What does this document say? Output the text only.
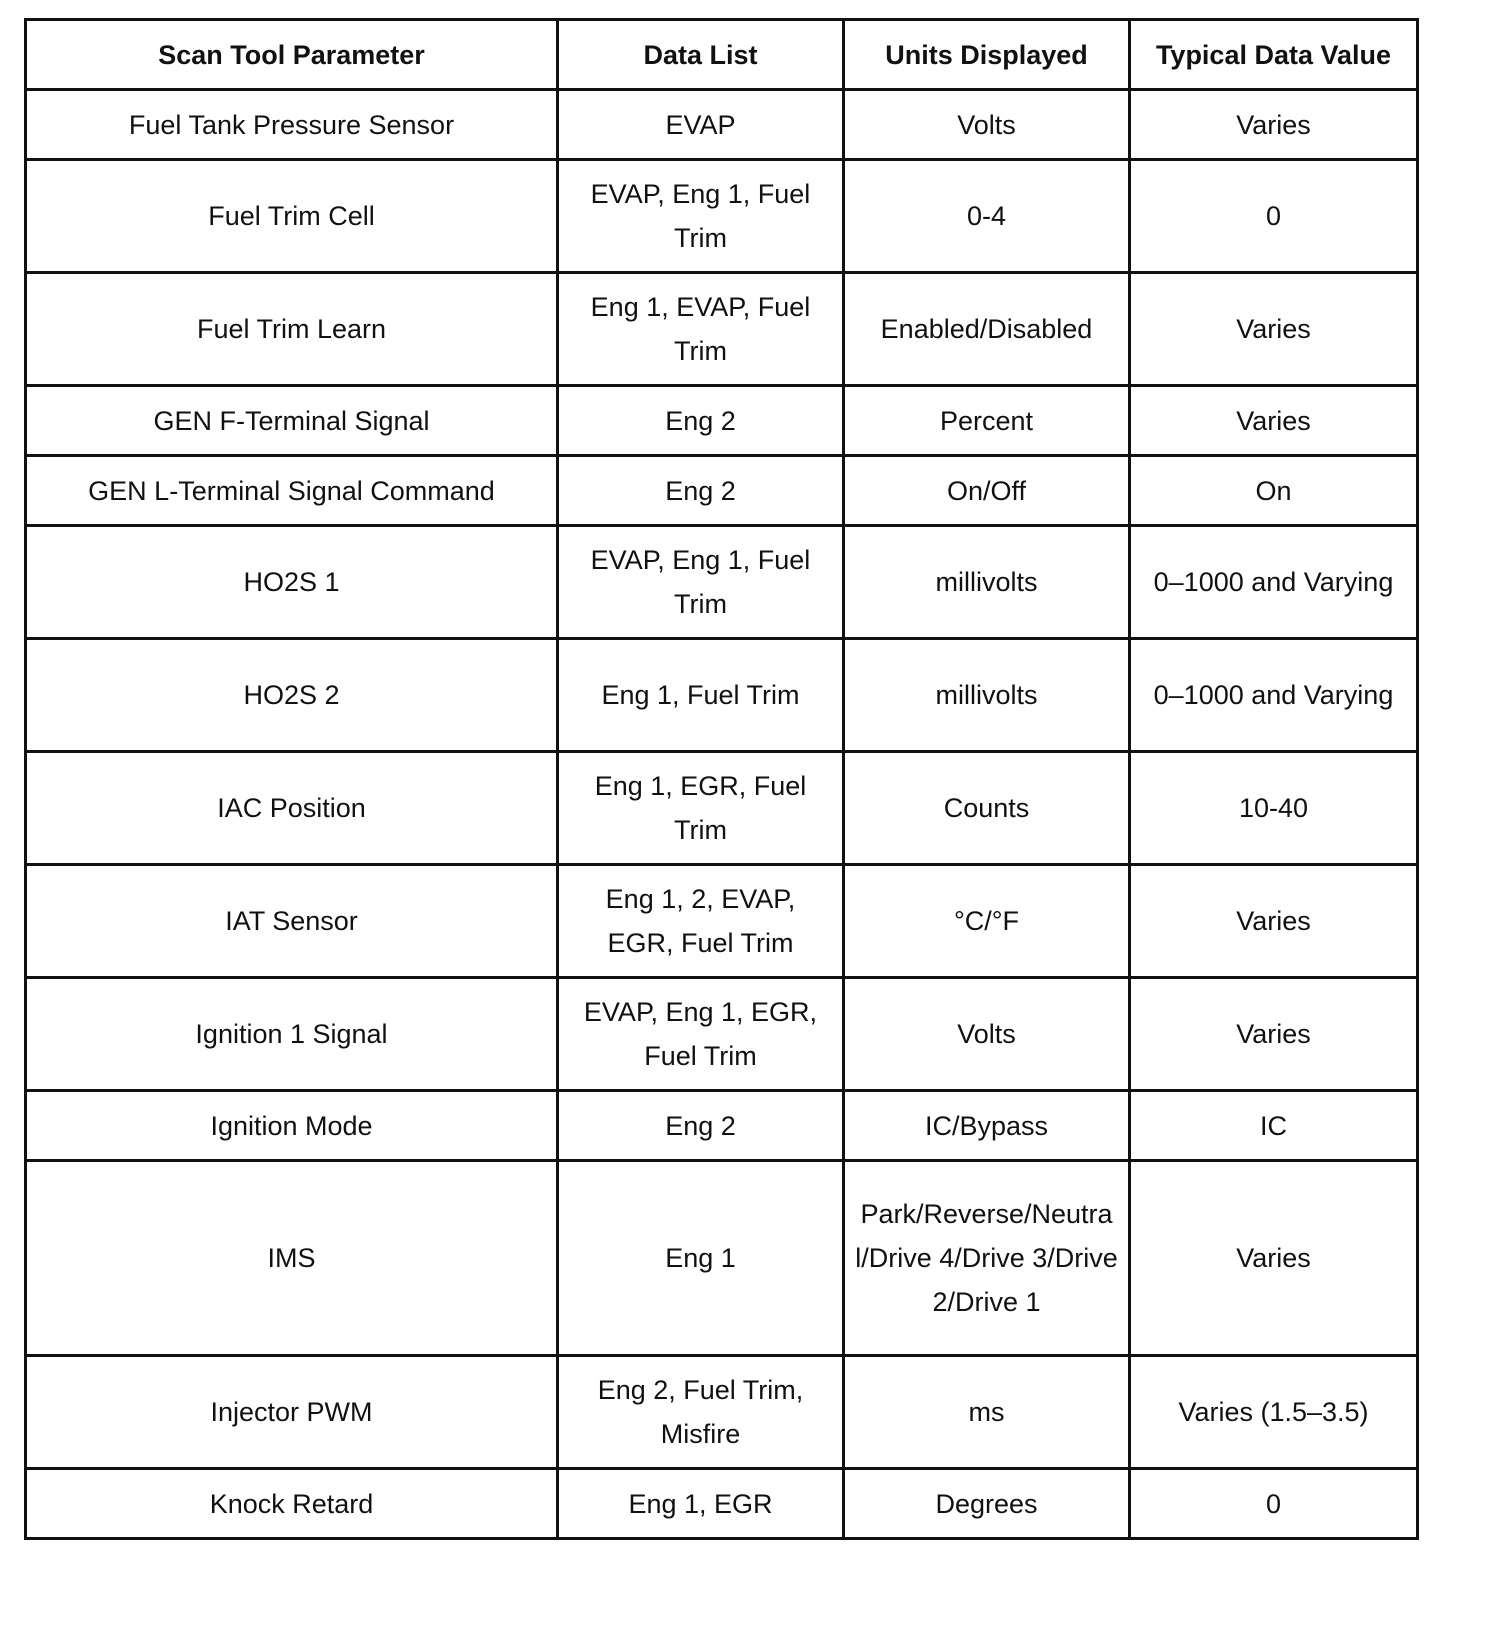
Scan Tool Parameter	Data List	Units Displayed	Typical Data Value
Fuel Tank Pressure Sensor	EVAP	Volts	Varies
Fuel Trim Cell	EVAP, Eng 1, Fuel Trim	0-4	0
Fuel Trim Learn	Eng 1, EVAP, Fuel Trim	Enabled/Disabled	Varies
GEN F-Terminal Signal	Eng 2	Percent	Varies
GEN L-Terminal Signal Command	Eng 2	On/Off	On
HO2S 1	EVAP, Eng 1, Fuel Trim	millivolts	0–1000 and Varying
HO2S 2	Eng 1, Fuel Trim	millivolts	0–1000 and Varying
IAC Position	Eng 1, EGR, Fuel Trim	Counts	10-40
IAT Sensor	Eng 1, 2, EVAP, EGR, Fuel Trim	°C/°F	Varies
Ignition 1 Signal	EVAP, Eng 1, EGR, Fuel Trim	Volts	Varies
Ignition Mode	Eng 2	IC/Bypass	IC
IMS	Eng 1	Park/Reverse/Neutral/Drive 4/Drive 3/Drive 2/Drive 1	Varies
Injector PWM	Eng 2, Fuel Trim, Misfire	ms	Varies (1.5–3.5)
Knock Retard	Eng 1, EGR	Degrees	0
